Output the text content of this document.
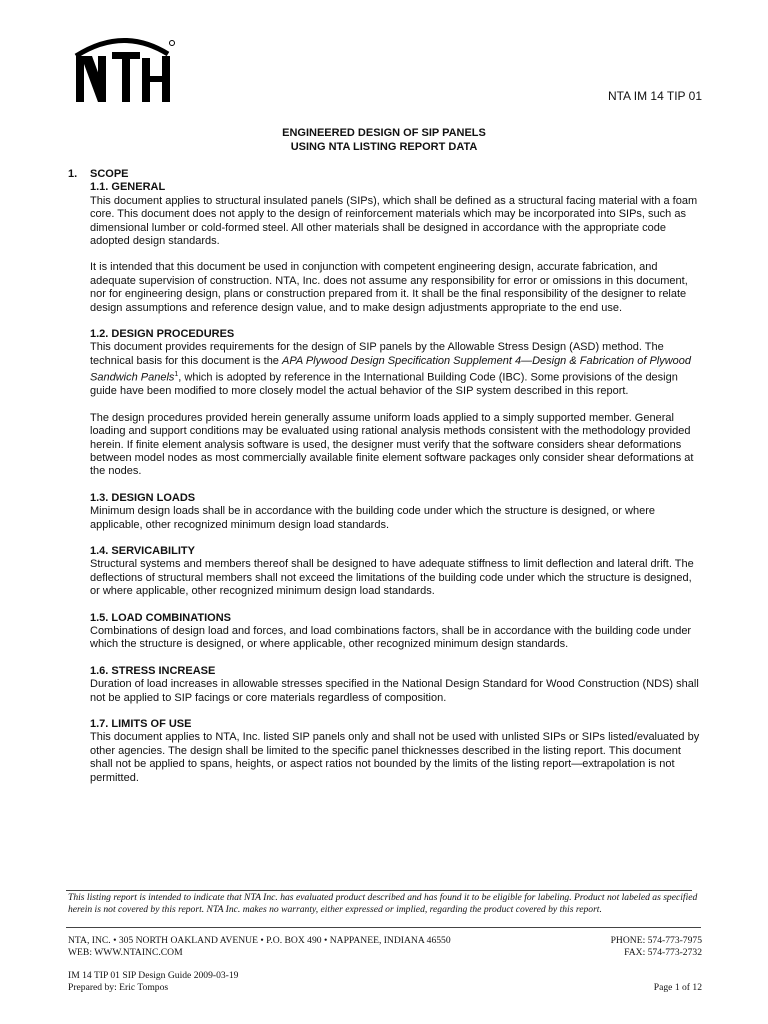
NTA IM 14 TIP 01
ENGINEERED DESIGN OF SIP PANELS
USING NTA LISTING REPORT DATA
1.	SCOPE
1.1. GENERAL

This document applies to structural insulated panels (SIPs), which shall be defined as a structural facing material with a foam core. This document does not apply to the design of reinforcement materials which may be incorporated into SIPs, such as dimensional lumber or cold-formed steel. All other materials shall be designed in accordance with the appropriate code adopted design standards.

It is intended that this document be used in conjunction with competent engineering design, accurate fabrication, and adequate supervision of construction. NTA, Inc. does not assume any responsibility for error or omissions in this document, nor for engineering design, plans or construction prepared from it. It shall be the final responsibility of the designer to relate design assumptions and reference design value, and to make design adjustments appropriate to the end use.

1.2. DESIGN PROCEDURES

This document provides requirements for the design of SIP panels by the Allowable Stress Design (ASD) method. The technical basis for this document is the APA Plywood Design Specification Supplement 4—Design & Fabrication of Plywood Sandwich Panels$^1$, which is adopted by reference in the International Building Code (IBC). Some provisions of the design guide have been modified to more closely model the actual behavior of the SIP system described in this report.

The design procedures provided herein generally assume uniform loads applied to a simply supported member. General loading and support conditions may be evaluated using rational analysis methods consistent with the methodology provided herein. If finite element analysis software is used, the designer must verify that the software considers shear deformations between model nodes as most commercially available finite element software packages only consider shear deformations at the nodes.

1.3. DESIGN LOADS

Minimum design loads shall be in accordance with the building code under which the structure is designed, or where applicable, other recognized minimum design load standards.

1.4. SERVICABILITY

Structural systems and members thereof shall be designed to have adequate stiffness to limit deflection and lateral drift. The deflections of structural members shall not exceed the limitations of the building code under which the structure is designed, or where applicable, other recognized minimum design load standards.

1.5. LOAD COMBINATIONS

Combinations of design load and forces, and load combinations factors, shall be in accordance with the building code under which the structure is designed, or where applicable, other recognized minimum design standards.

1.6. STRESS INCREASE

Duration of load increases in allowable stresses specified in the National Design Standard for Wood Construction (NDS) shall not be applied to SIP facings or core materials regardless of composition.

1.7. LIMITS OF USE

This document applies to NTA, Inc. listed SIP panels only and shall not be used with unlisted SIPs or SIPs listed/evaluated by other agencies. The design shall be limited to the specific panel thicknesses described in the listing report. This document shall not be applied to spans, heights, or aspect ratios not bounded by the limits of the listing report—extrapolation is not permitted.

This listing report is intended to indicate that NTA Inc. has evaluated product described and has found it to be eligible for labeling. Product not labeled as specified herein is not covered by this report. NTA Inc. makes no warranty, either expressed or implied, regarding the product covered by this report.
NTA, INC. • 305 NORTH OAKLAND AVENUE • P.O. BOX 490 • NAPPANEE, INDIANA 46550
WEB: WWW.NTAINC.COM
PHONE: 574-773-7975
FAX: 574-773-2732
IM 14 TIP 01 SIP Design Guide 2009-03-19
Prepared by: Eric Tompos	Page 1 of 12
